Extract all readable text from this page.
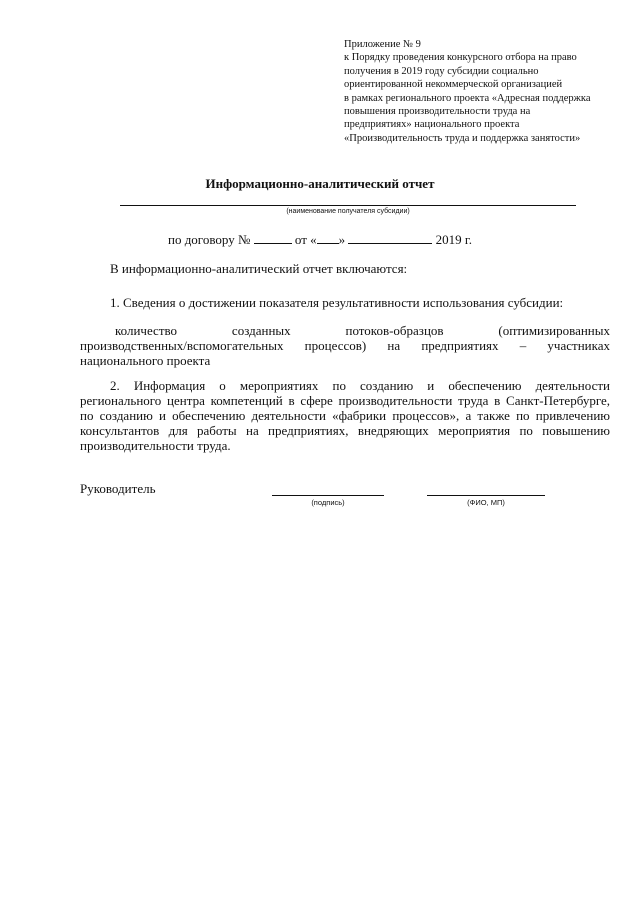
Приложение № 9
к Порядку проведения конкурсного отбора на право
получения в 2019 году субсидии социально
ориентированной некоммерческой организацией
в рамках регионального проекта «Адресная поддержка
повышения производительности труда на
предприятиях» национального проекта
«Производительность труда и поддержка занятости»
Информационно-аналитический отчет
(наименование получателя субсидии)
по договору №	от « »	2019 г.
В информационно-аналитический отчет включаются:
1. Сведения о достижении показателя результативности использования субсидии:
количество созданных потоков-образцов (оптимизированных
производственных/вспомогательных процессов) на предприятиях – участниках
национального проекта
2. Информация о мероприятиях по созданию и обеспечению деятельности
регионального центра компетенций в сфере производительности труда в Санкт-Петербурге,
по созданию и обеспечению деятельности «фабрики процессов», а также по привлечению
консультантов для работы на предприятиях, внедряющих мероприятия по повышению
производительности труда.
Руководитель
(подпись)	(ФИО, МП)
